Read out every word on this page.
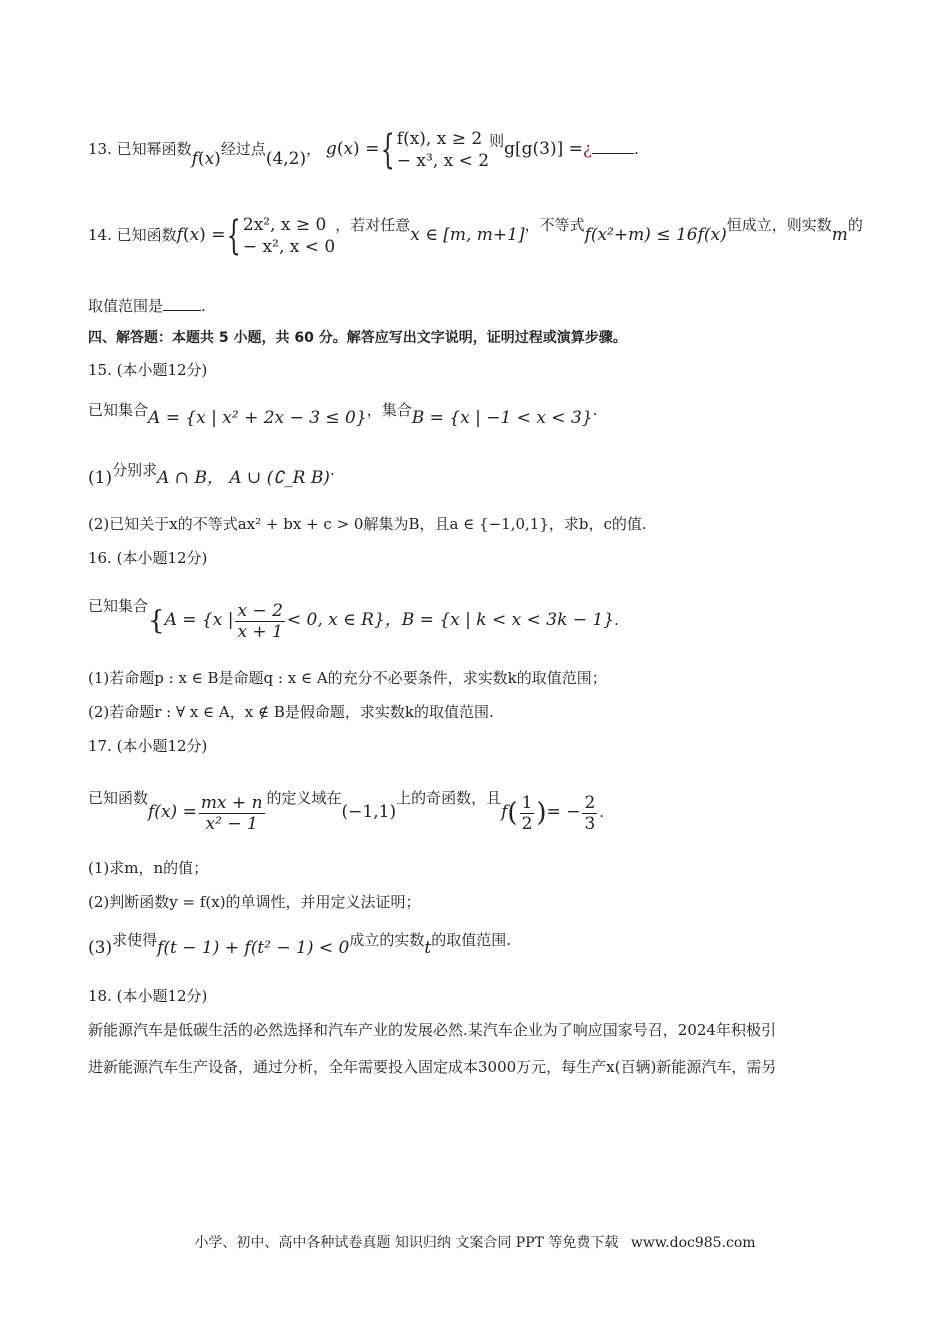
13. 已知幂函数f(x)经过点(4,2)， g(x) ={ f(x), x ≥ 2
− x³, x < 2
则g[g(3)] =¿	.
14. 已知函数f(x) ={ 2x², x ≥ 0
− x², x < 0
，若对任意x ∈ [m, m+1]，不等式f(x²+m) ≤ 16f(x)恒成立，则实数m的
取值范围是	.
四、解答题：本题共 5 小题，共 60 分。解答应写出文字说明，证明过程或演算步骤。
15. (本小题12分)
已知集合A = {x | x² + 2x − 3 ≤ 0}，集合B = {x | −1 < x < 3}.
(1)分别求A ∩ B， A ∪ (∁_R B).
(2)已知关于x的不等式ax² + bx + c > 0解集为B，且a ∈ {−1,0,1}，求b，c的值.
16. (本小题12分)
已知集合{A = {x | $\frac{x - 2}{x + 1} < 0$, x ∈ R}，B = {x | k < x < 3k − 1}.
(1)若命题p : x ∈ B是命题q : x ∈ A的充分不必要条件，求实数k的取值范围；
(2)若命题r : ∀ x ∈ A，x ∉ B是假命题，求实数k的取值范围.
17. (本小题12分)
已知函数$f(x) = \frac{mx + n}{\text{x² − 1}}$ 的定义域在(−1,1)上的奇函数，且$f( \frac{1}{2}$ )= − $\frac{2}{3}$ .
(1)求m，n的值；
(2)判断函数y = f(x)的单调性，并用定义法证明；
(3)求使得f(t − 1) + f(t² − 1) < 0成立的实数t的取值范围.
18. (本小题12分)
新能源汽车是低碳生活的必然选择和汽车产业的发展必然.某汽车企业为了响应国家号召，2024年积极引
进新能源汽车生产设备，通过分析，全年需要投入固定成本3000万元，每生产x(百辆)新能源汽车，需另
小学、初中、高中各种试卷真题 知识归纳 文案合同 PPT 等免费下载 www.doc985.com
